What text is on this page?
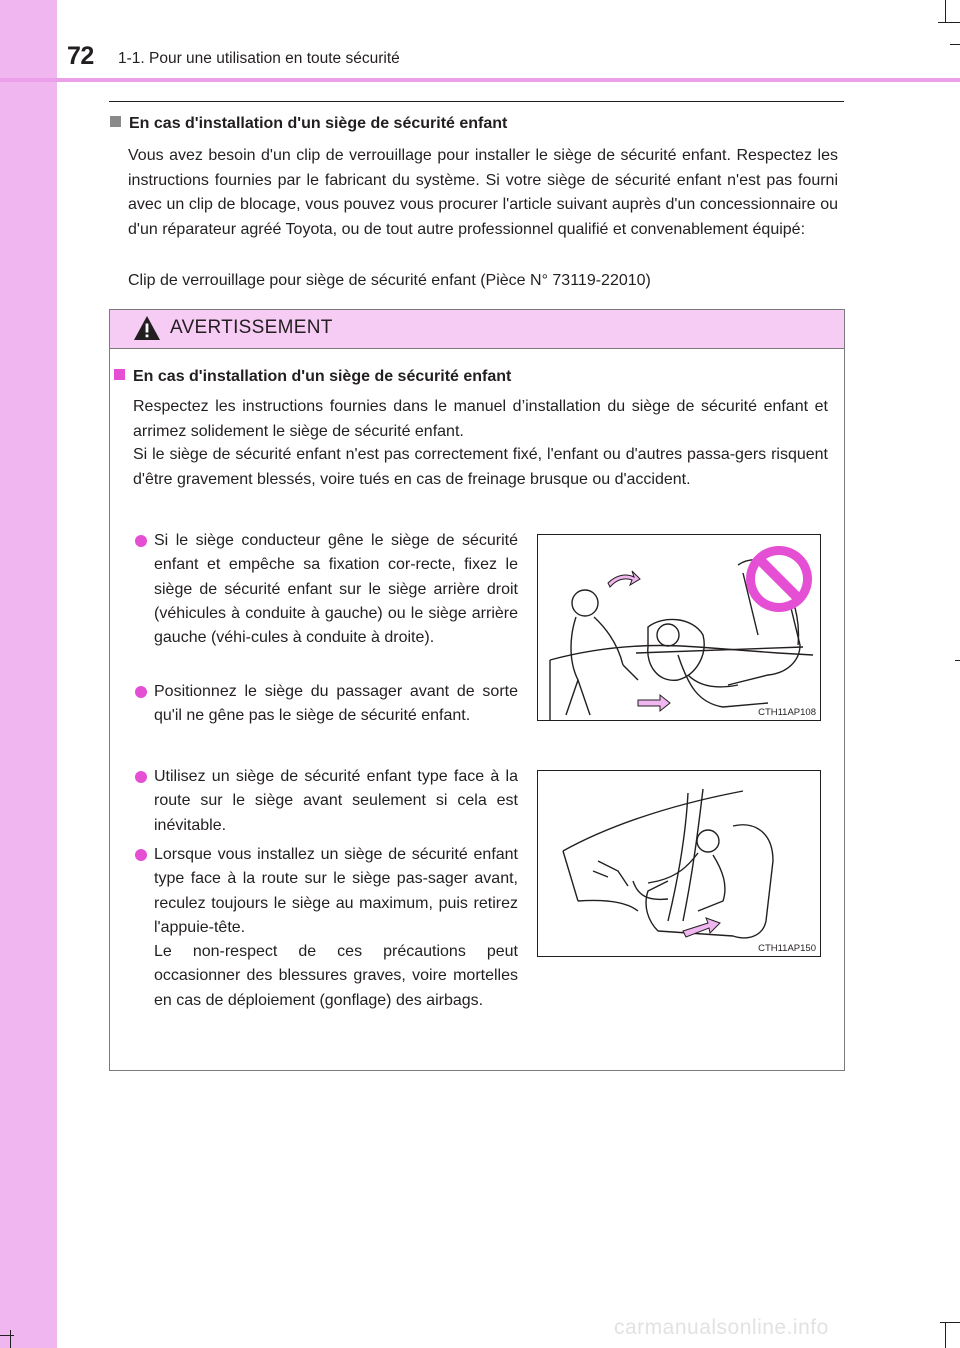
72 1-1. Pour une utilisation en toute sécurité
En cas d'installation d'un siège de sécurité enfant
Vous avez besoin d'un clip de verrouillage pour installer le siège de sécurité enfant. Respectez les instructions fournies par le fabricant du système. Si votre siège de sécurité enfant n'est pas fourni avec un clip de blocage, vous pouvez vous procurer l'article suivant auprès d'un concessionnaire ou d'un réparateur agréé Toyota, ou de tout autre professionnel qualifié et convenablement équipé:
Clip de verrouillage pour siège de sécurité enfant (Pièce N° 73119-22010)
AVERTISSEMENT
En cas d'installation d'un siège de sécurité enfant
Respectez les instructions fournies dans le manuel d’installation du siège de sécurité enfant et arrimez solidement le siège de sécurité enfant.
Si le siège de sécurité enfant n'est pas correctement fixé, l'enfant ou d'autres passa-gers risquent d'être gravement blessés, voire tués en cas de freinage brusque ou d'accident.
Si le siège conducteur gêne le siège de sécurité enfant et empêche sa fixation cor-recte, fixez le siège de sécurité enfant sur le siège arrière droit (véhicules à conduite à gauche) ou le siège arrière gauche (véhi-cules à conduite à droite).
Positionnez le siège du passager avant de sorte qu'il ne gêne pas le siège de sécurité enfant.
Utilisez un siège de sécurité enfant type face à la route sur le siège avant seulement si cela est inévitable.
Lorsque vous installez un siège de sécurité enfant type face à la route sur le siège pas-sager avant, reculez toujours le siège au maximum, puis retirez l'appuie-tête.
Le non-respect de ces précautions peut occasionner des blessures graves, voire mortelles en cas de déploiement (gonflage) des airbags.
CTH11AP108
CTH11AP150
carmanualsonline.info
